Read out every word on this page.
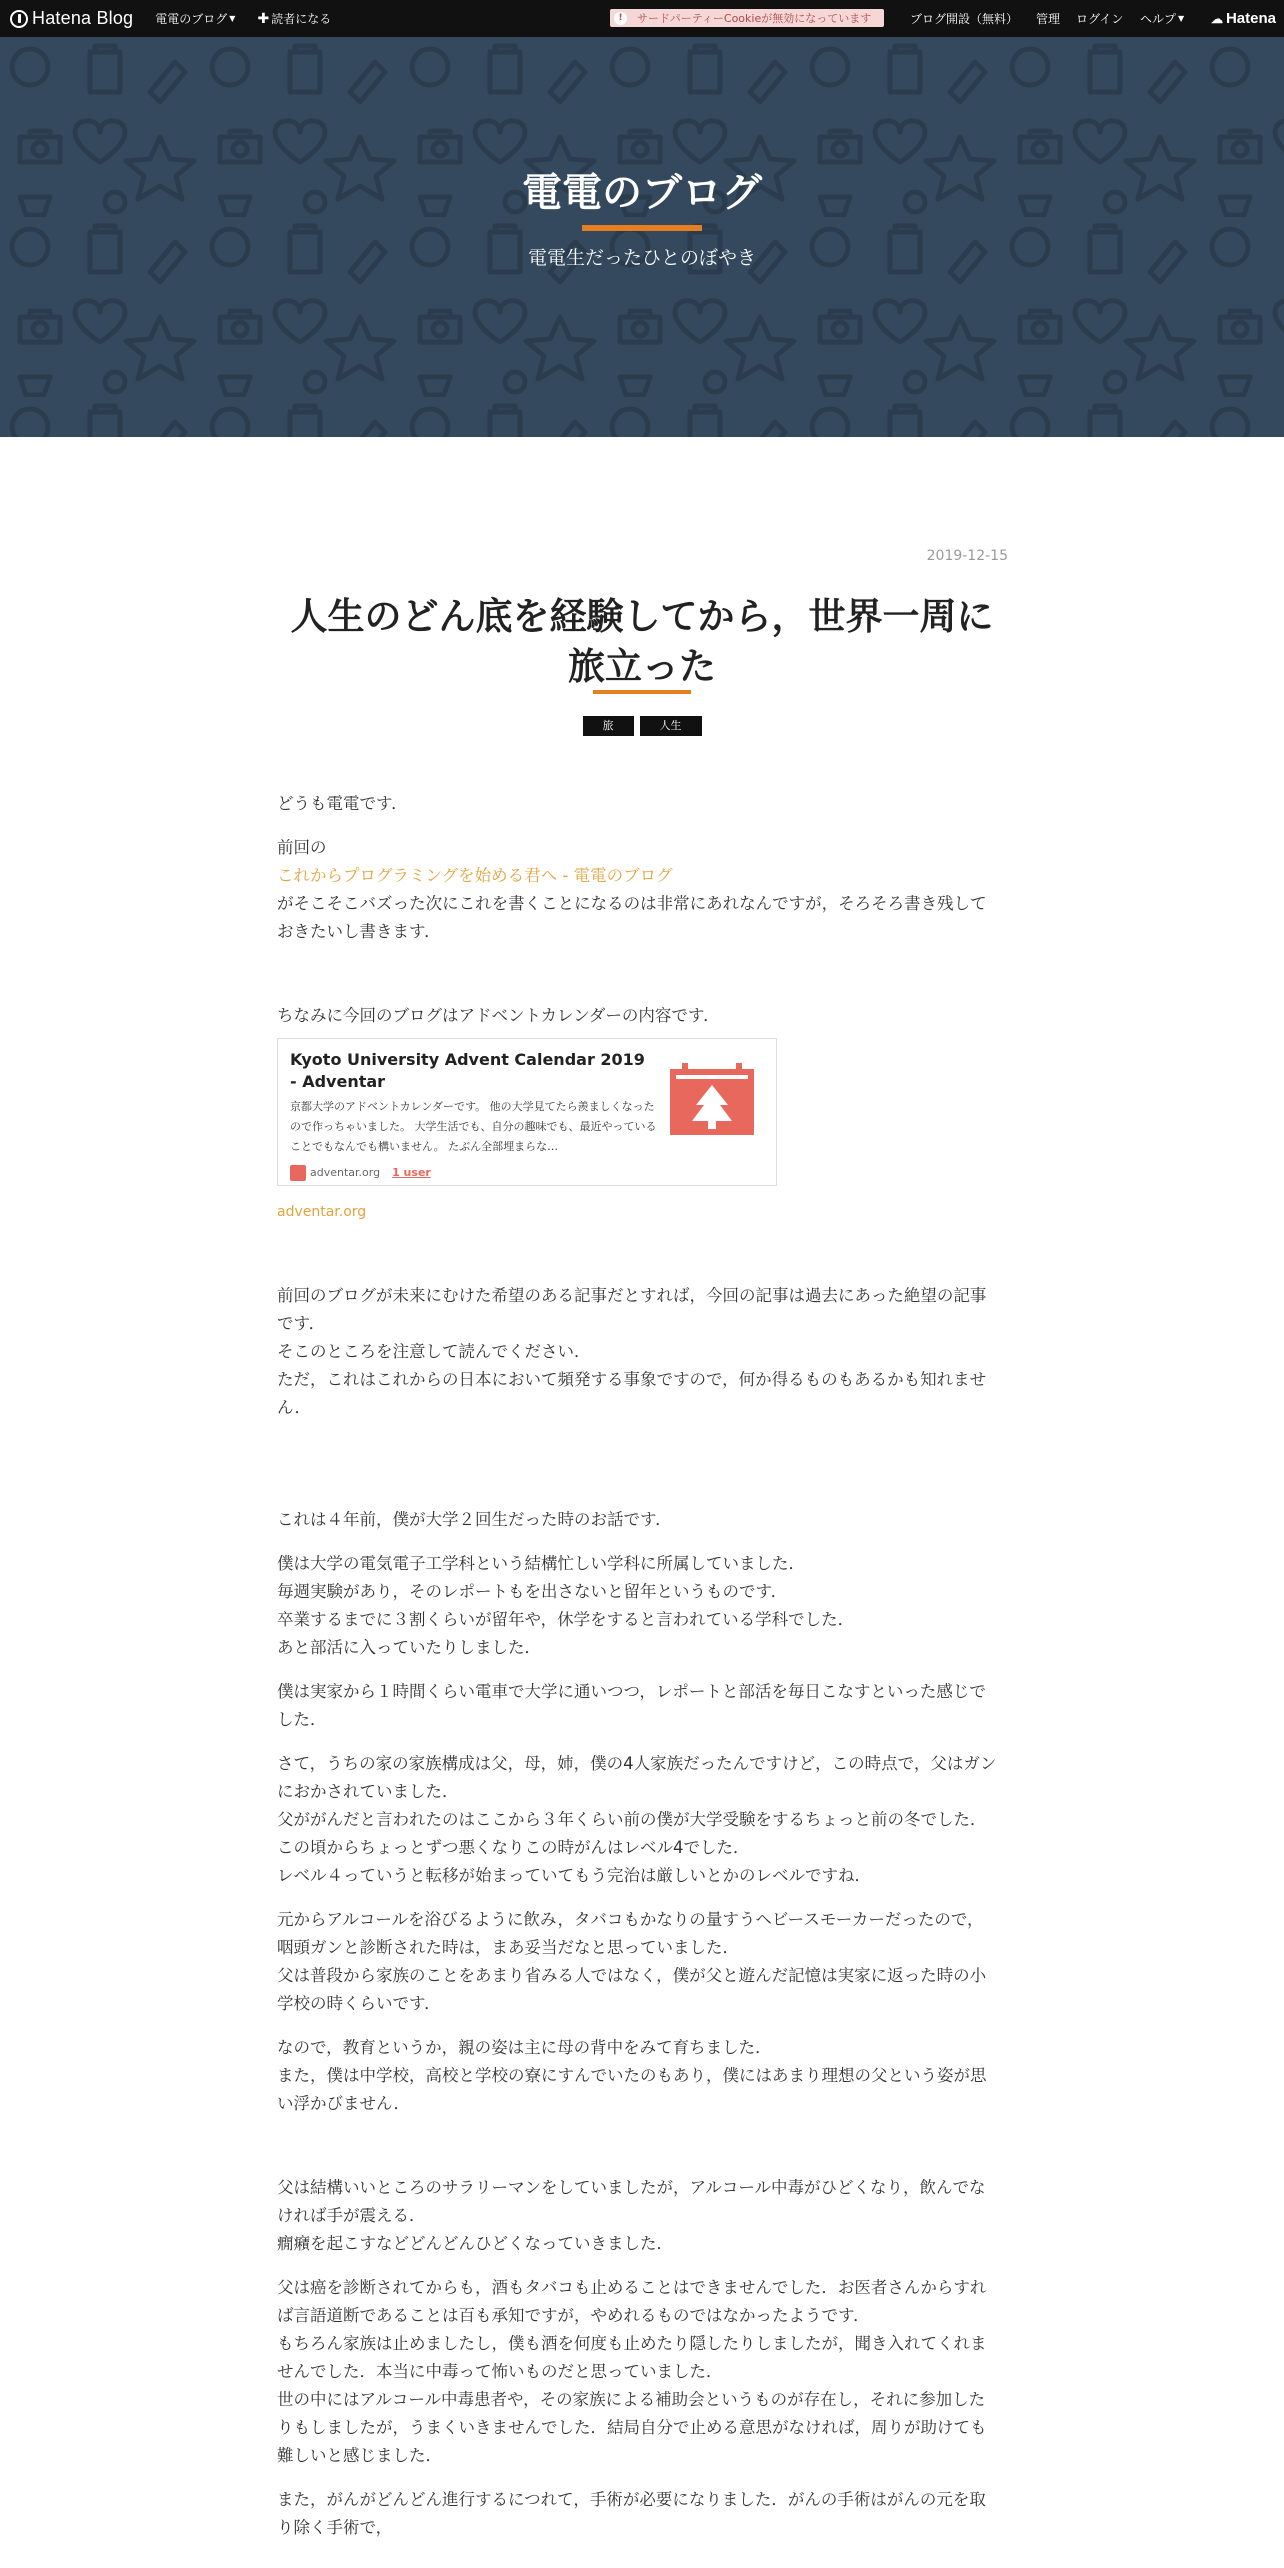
Hatena Blog 電電のブログ ▼ ✚ 読者になる	!	サードパーティーCookieが無効になっています	ブログ開設（無料） 管理 ログイン ヘルプ ▼ ☁ Hatena
電電のブログ
電電生だったひとのぼやき
2019-12-15
人生のどん底を経験してから，世界一周に旅立った
旅	人生

どうも電電です．

前回の
これからプログラミングを始める君へ - 電電のブログ
がそこそこバズった次にこれを書くことになるのは非常にあれなんですが，そろそろ書き残しておきたいし書きます．

ちなみに今回のブログはアドベントカレンダーの内容です．

Kyoto University Advent Calendar 2019 - Adventar
京都大学のアドベントカレンダーです。 他の大学見てたら羨ましくなったので作っちゃいました。 大学生活でも、自分の趣味でも、最近やっていることでもなんでも構いません。 たぶん全部埋まらな…
adventar.org 1 user
adventar.org

前回のブログが未来にむけた希望のある記事だとすれば，今回の記事は過去にあった絶望の記事です．
そこのところを注意して読んでください．
ただ，これはこれからの日本において頻発する事象ですので，何か得るものもあるかも知れません．

これは４年前，僕が大学２回生だった時のお話です．

僕は大学の電気電子工学科という結構忙しい学科に所属していました．
毎週実験があり，そのレポートもを出さないと留年というものです．
卒業するまでに３割くらいが留年や，休学をすると言われている学科でした．
あと部活に入っていたりしました．

僕は実家から１時間くらい電車で大学に通いつつ，レポートと部活を毎日こなすといった感じでした．

さて，うちの家の家族構成は父，母，姉，僕の4人家族だったんですけど，この時点で，父はガンにおかされていました．
父ががんだと言われたのはここから３年くらい前の僕が大学受験をするちょっと前の冬でした．
この頃からちょっとずつ悪くなりこの時がんはレベル4でした．
レベル４っていうと転移が始まっていてもう完治は厳しいとかのレベルですね．

元からアルコールを浴びるように飲み，タバコもかなりの量すうヘビースモーカーだったので，咽頭ガンと診断された時は，まあ妥当だなと思っていました．
父は普段から家族のことをあまり省みる人ではなく，僕が父と遊んだ記憶は実家に返った時の小学校の時くらいです．

なので，教育というか，親の姿は主に母の背中をみて育ちました．
また，僕は中学校，高校と学校の寮にすんでいたのもあり，僕にはあまり理想の父という姿が思い浮かびません．

父は結構いいところのサラリーマンをしていましたが，アルコール中毒がひどくなり，飲んでなければ手が震える．
癇癪を起こすなどどんどんひどくなっていきました．

父は癌を診断されてからも，酒もタバコも止めることはできませんでした．お医者さんからすれば言語道断であることは百も承知ですが，やめれるものではなかったようです．
もちろん家族は止めましたし，僕も酒を何度も止めたり隠したりしましたが，聞き入れてくれませんでした．本当に中毒って怖いものだと思っていました．
世の中にはアルコール中毒患者や，その家族による補助会というものが存在し，それに参加したりもしましたが，うまくいきませんでした．結局自分で止める意思がなければ，周りが助けても難しいと感じました．

また，がんがどんどん進行するにつれて，手術が必要になりました．がんの手術はがんの元を取り除く手術で，
